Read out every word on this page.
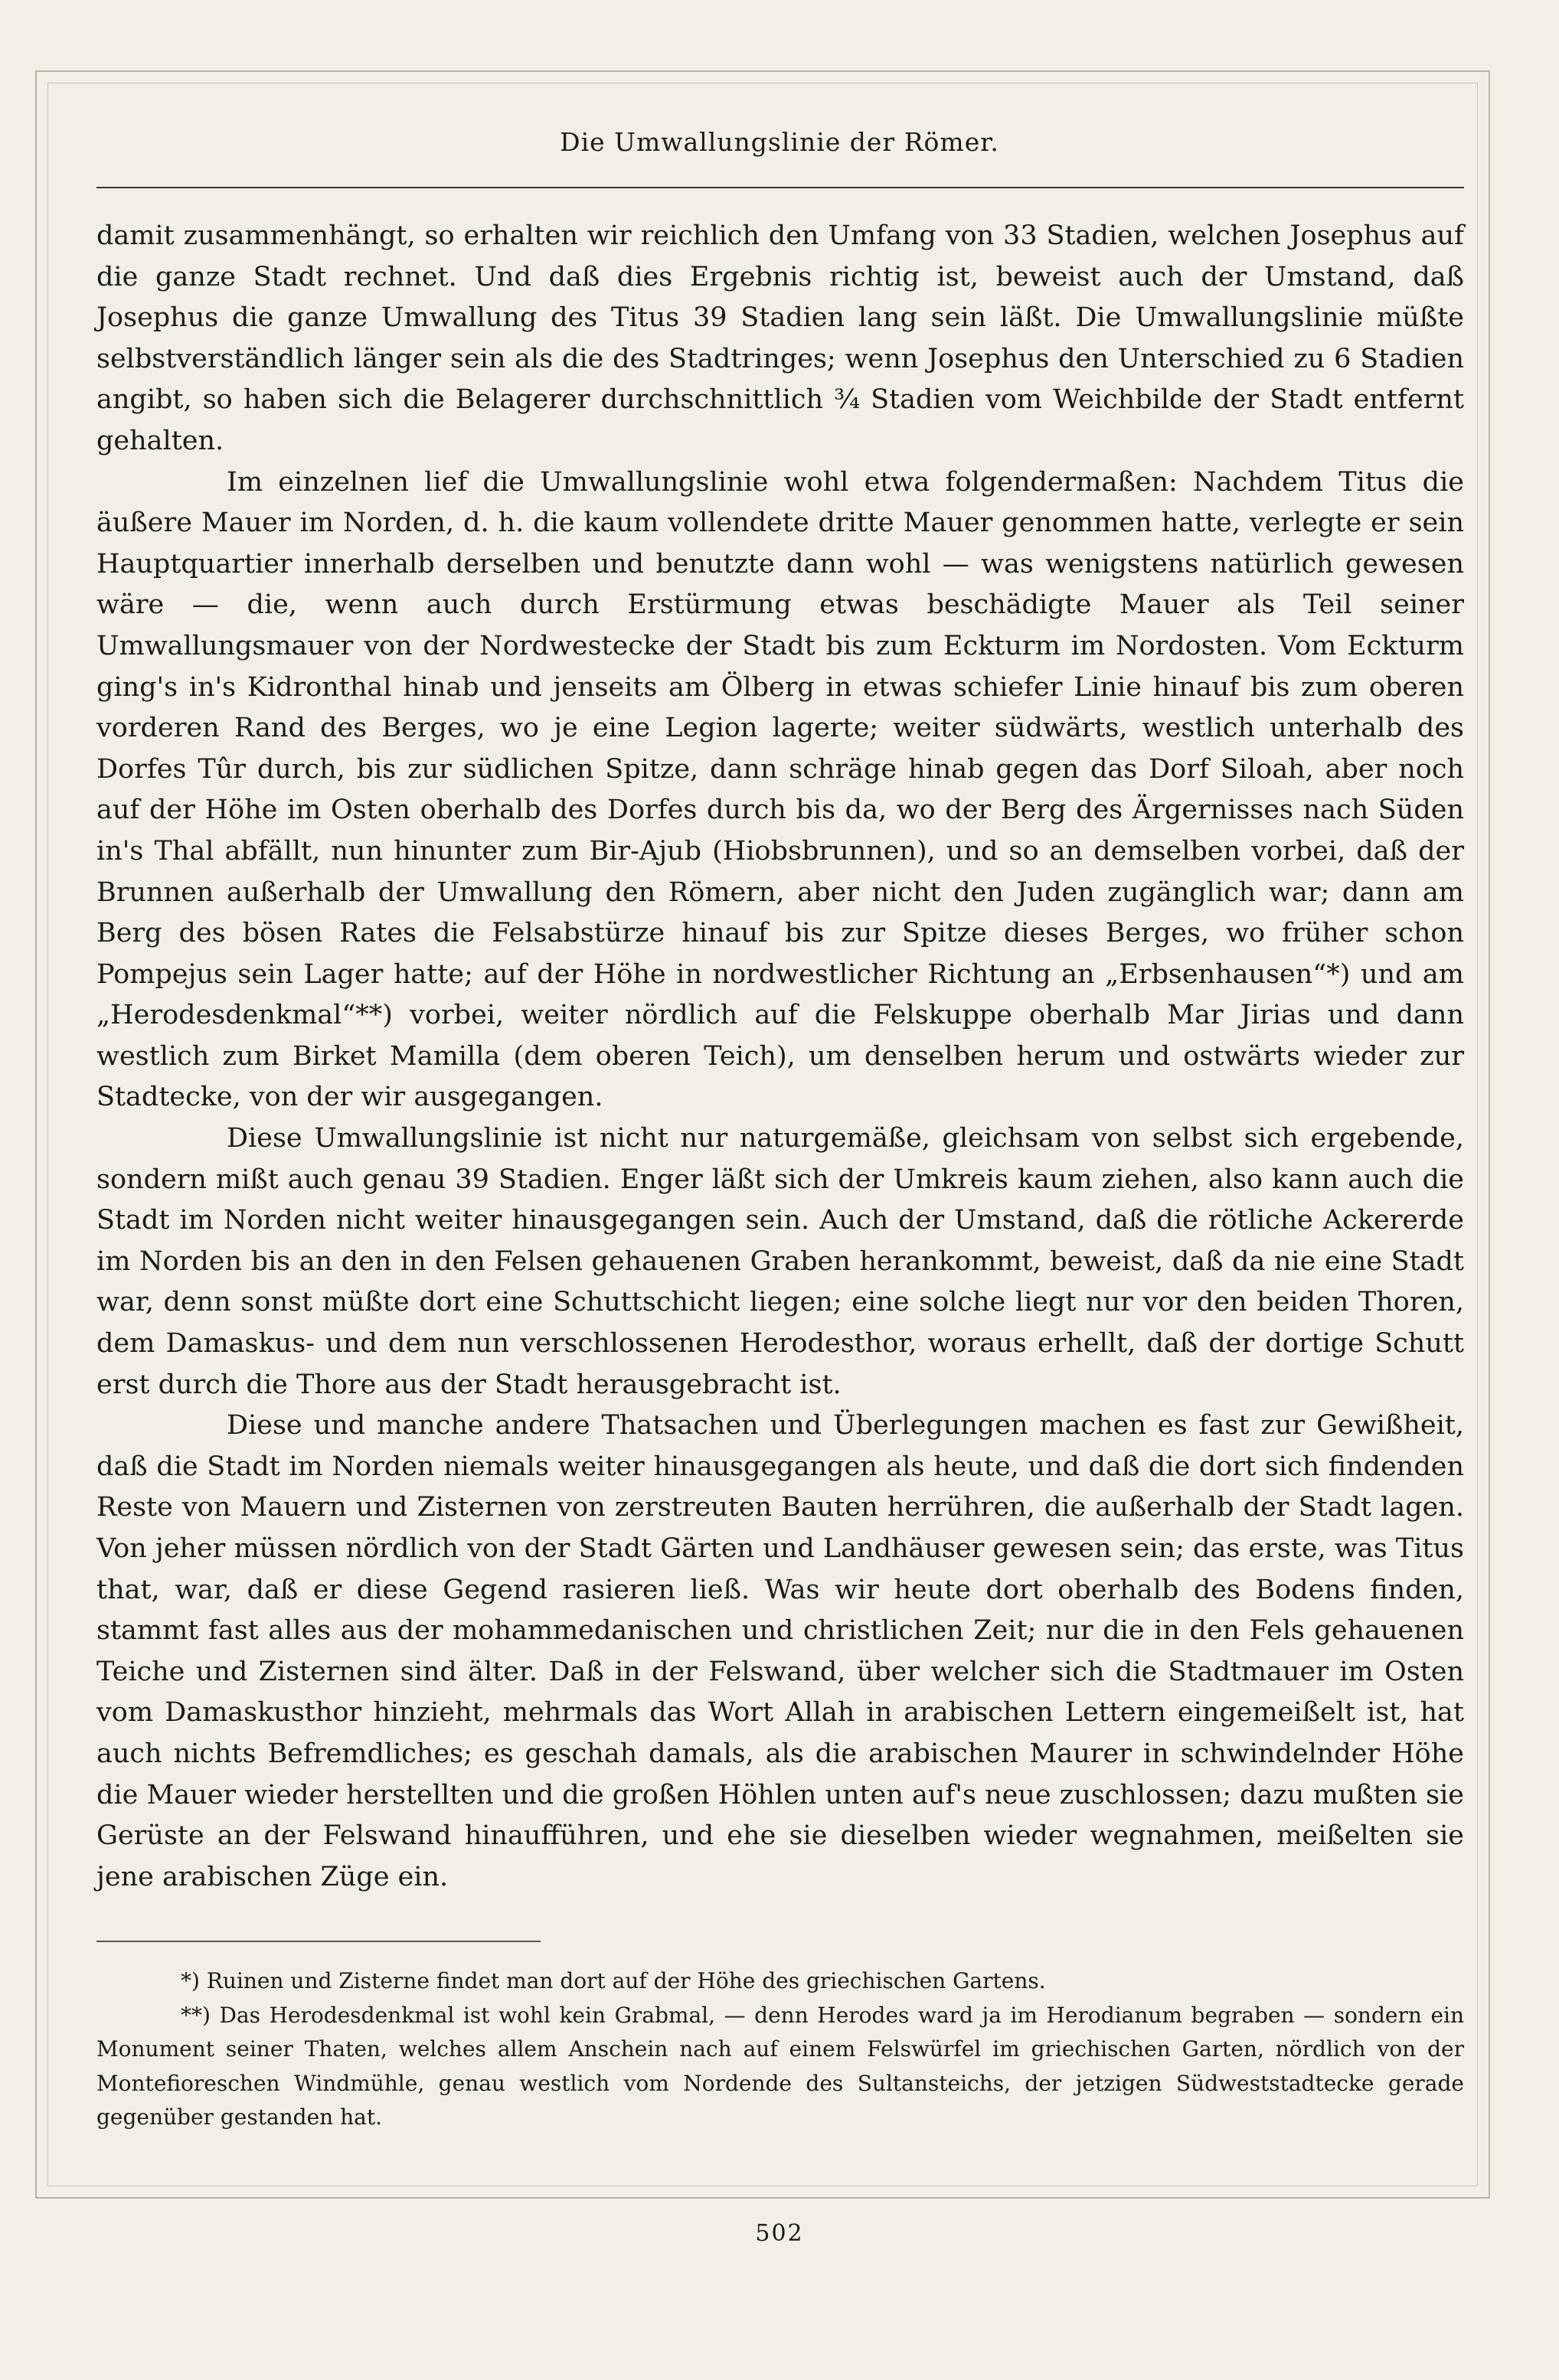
Die Umwallungslinie der Römer.

damit zusammenhängt, so erhalten wir reichlich den Umfang von 33 Stadien, welchen Josephus auf die ganze Stadt rechnet. Und daß dies Ergebnis richtig ist, beweist auch der Umstand, daß Josephus die ganze Umwallung des Titus 39 Stadien lang sein läßt. Die Umwallungslinie müßte selbstverständlich länger sein als die des Stadtringes; wenn Josephus den Unterschied zu 6 Stadien angibt, so haben sich die Belagerer durchschnittlich ¾ Stadien vom Weichbilde der Stadt entfernt gehalten.

Im einzelnen lief die Umwallungslinie wohl etwa folgendermaßen: Nachdem Titus die äußere Mauer im Norden, d. h. die kaum vollendete dritte Mauer genommen hatte, verlegte er sein Hauptquartier innerhalb derselben und benutzte dann wohl — was wenigstens natürlich gewesen wäre — die, wenn auch durch Erstürmung etwas beschädigte Mauer als Teil seiner Umwallungsmauer von der Nordwestecke der Stadt bis zum Eckturm im Nordosten. Vom Eckturm ging's in's Kidronthal hinab und jenseits am Ölberg in etwas schiefer Linie hinauf bis zum oberen vorderen Rand des Berges, wo je eine Legion lagerte; weiter südwärts, westlich unterhalb des Dorfes Tûr durch, bis zur südlichen Spitze, dann schräge hinab gegen das Dorf Siloah, aber noch auf der Höhe im Osten oberhalb des Dorfes durch bis da, wo der Berg des Ärgernisses nach Süden in's Thal abfällt, nun hinunter zum Bir-Ajub (Hiobsbrunnen), und so an demselben vorbei, daß der Brunnen außerhalb der Umwallung den Römern, aber nicht den Juden zugänglich war; dann am Berg des bösen Rates die Felsabstürze hinauf bis zur Spitze dieses Berges, wo früher schon Pompejus sein Lager hatte; auf der Höhe in nordwestlicher Richtung an „Erbsenhausen“*) und am „Herodesdenkmal“**) vorbei, weiter nördlich auf die Felskuppe oberhalb Mar Jirias und dann westlich zum Birket Mamilla (dem oberen Teich), um denselben herum und ostwärts wieder zur Stadtecke, von der wir ausgegangen.

Diese Umwallungslinie ist nicht nur naturgemäße, gleichsam von selbst sich ergebende, sondern mißt auch genau 39 Stadien. Enger läßt sich der Umkreis kaum ziehen, also kann auch die Stadt im Norden nicht weiter hinausgegangen sein. Auch der Umstand, daß die rötliche Ackererde im Norden bis an den in den Felsen gehauenen Graben herankommt, beweist, daß da nie eine Stadt war, denn sonst müßte dort eine Schuttschicht liegen; eine solche liegt nur vor den beiden Thoren, dem Damaskus- und dem nun verschlossenen Herodesthor, woraus erhellt, daß der dortige Schutt erst durch die Thore aus der Stadt herausgebracht ist.

Diese und manche andere Thatsachen und Überlegungen machen es fast zur Gewißheit, daß die Stadt im Norden niemals weiter hinausgegangen als heute, und daß die dort sich findenden Reste von Mauern und Zisternen von zerstreuten Bauten herrühren, die außerhalb der Stadt lagen. Von jeher müssen nördlich von der Stadt Gärten und Landhäuser gewesen sein; das erste, was Titus that, war, daß er diese Gegend rasieren ließ. Was wir heute dort oberhalb des Bodens finden, stammt fast alles aus der mohammedanischen und christlichen Zeit; nur die in den Fels gehauenen Teiche und Zisternen sind älter. Daß in der Felswand, über welcher sich die Stadtmauer im Osten vom Damaskusthor hinzieht, mehrmals das Wort Allah in arabischen Lettern eingemeißelt ist, hat auch nichts Befremdliches; es geschah damals, als die arabischen Maurer in schwindelnder Höhe die Mauer wieder herstellten und die großen Höhlen unten auf's neue zuschlossen; dazu mußten sie Gerüste an der Felswand hinaufführen, und ehe sie dieselben wieder wegnahmen, meißelten sie jene arabischen Züge ein.

*) Ruinen und Zisterne findet man dort auf der Höhe des griechischen Gartens.

**) Das Herodesdenkmal ist wohl kein Grabmal, — denn Herodes ward ja im Herodianum begraben — sondern ein Monument seiner Thaten, welches allem Anschein nach auf einem Felswürfel im griechischen Garten, nördlich von der Montefioreschen Windmühle, genau westlich vom Nordende des Sultansteichs, der jetzigen Südweststadtecke gerade gegenüber gestanden hat.

502
